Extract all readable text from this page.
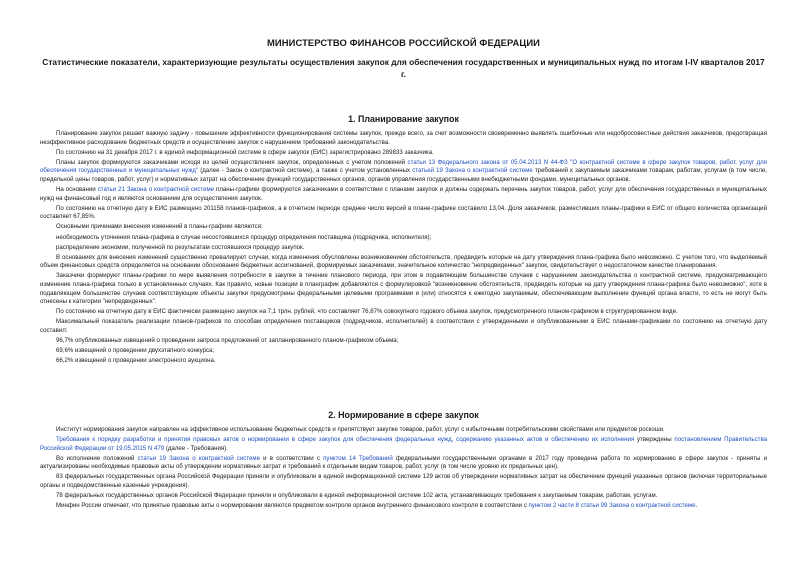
МИНИСТЕРСТВО ФИНАНСОВ РОССИЙСКОЙ ФЕДЕРАЦИИ
Статистические показатели, характеризующие результаты осуществления закупок для обеспечения государственных и муниципальных нужд по итогам I-IV кварталов 2017 г.
1. Планирование закупок

Планирование закупок решает важную задачу - повышение эффективности функционирования системы закупок, прежде всего, за счет возможности своевременно выявлять ошибочные или недобросовестные действия заказчиков, предотвращая неэффективное расходование бюджетных средств и осуществление закупок с нарушением требований законодательства.

По состоянию на 31 декабря 2017 г. в единой информационной системе в сфере закупок (ЕИС) зарегистрировано 289833 заказчика.

Планы закупок формируются заказчиками исходя из целей осуществления закупок, определенных с учетом положений статьи 13 Федерального закона от 05.04.2013 N 44-ФЗ "О контрактной системе в сфере закупок товаров, работ, услуг для обеспечения государственных и муниципальных нужд" (далее - Закон о контрактной системе), а также с учетом установленных статьей 19 Закона о контрактной системе требований к закупаемым заказчиками товарам, работам, услугам (в том числе, предельной цены товаров, работ, услуг) и нормативных затрат на обеспечение функций государственных органов, органов управления государственными внебюджетными фондами, муниципальных органов.

На основании статьи 21 Закона о контрактной системе планы-графики формируются заказчиками в соответствии с планами закупок и должны содержать перечень закупок товаров, работ, услуг для обеспечения государственных и муниципальных нужд на финансовый год и являются основанием для осуществления закупок.

По состоянию на отчетную дату в ЕИС размещено 201158 планов-графиков, а в отчетном периоде среднее число версий в плане-графике составило 13,04. Доля заказчиков, разместивших планы-графики в ЕИС от общего количества организаций составляет 67,85%.

Основными причинами внесения изменений в планы-графики являются:

необходимость уточнения плана-графика в случае несостоявшихся процедур определения поставщика (подрядчика, исполнителя);

распределение экономии, полученной по результатам состоявшихся процедур закупок.

В основаниях для внесения изменений существенно превалируют случаи, когда изменения обусловлены возникновением обстоятельств, предвидеть которые на дату утверждения плана-графика было невозможно. С учетом того, что выделяемый объем финансовых средств определяется на основании обоснования бюджетных ассигнований, формируемых заказчиками, значительное количество "непредвиденных" закупок, свидетельствует о недостаточном качестве планирования.

Заказчики формируют планы-графики по мере выявления потребности в закупке в течение планового периода, при этом в подавляющем большинстве случаев с нарушением законодательства о контрактной системе, предусматривающего изменение плана-графика только в установленных случаях. Как правило, новые позиции в планграфик добавляются с формулировкой "возникновение обстоятельств, предвидеть которые на дату утверждения плана-графика было невозможно", хотя в подавляющем большинстве случаев соответствующие объекты закупки предусмотрены федеральными целевыми программами и (или) относятся к ежегодно закупаемым, обеспечивающим выполнение функций органа власти, то есть не могут быть отнесены к категории "непредвиденных".

По состоянию на отчетную дату в ЕИС фактически размещено закупок на 7,1 трлн. рублей, что составляет 76,87% совокупного годового объема закупок, предусмотренного планом-графиком в структурированном виде.

Максимальный показатель реализации планов-графиков по способам определения поставщиков (подрядчиков, исполнителей) в соответствии с утвержденными и опубликованными в ЕИС планами-графиками по состоянию на отчетную дату составил:

96,7% опубликованных извещений о проведении запроса предложений от запланированного планом-графиком объема;

69,6% извещений о проведении двухэтапного конкурса;

66,2% извещений о проведении электронного аукциона.

2. Нормирование в сфере закупок

Институт нормирования закупок направлен на эффективное использование бюджетных средств и препятствует закупке товаров, работ, услуг с избыточными потребительскими свойствами или предметов роскоши.

Требования к порядку разработки и принятия правовых актов о нормировании в сфере закупок для обеспечения федеральных нужд, содержанию указанных актов и обеспечению их исполнения утверждены постановлением Правительства Российской Федерации от 19.05.2015 N 479 (далее - Требования).

Во исполнение положений статьи 19 Закона о контрактной системе и в соответствии с пунктом 14 Требований федеральными государственными органами в 2017 году проведена работа по нормированию в сфере закупок - приняты и актуализированы необходимые правовые акты об утверждении нормативных затрат и требований к отдельным видам товаров, работ, услуг (в том числе уровню их предельных цен).

83 федеральных государственных органа Российской Федерации приняли и опубликовали в единой информационной системе 129 актов об утверждении нормативных затрат на обеспечение функций указанных органов (включая территориальные органы и подведомственные казенные учреждения).

78 федеральных государственных органов Российской Федерации приняли и опубликовали в единой информационной системе 102 акта, устанавливающих требования к закупаемым товарам, работам, услугам.

Минфин России отмечает, что принятые правовые акты о нормировании являются предметом контроля органов внутреннего финансового контроля в соответствии с пунктом 2 части 8 статьи 99 Закона о контрактной системе.
